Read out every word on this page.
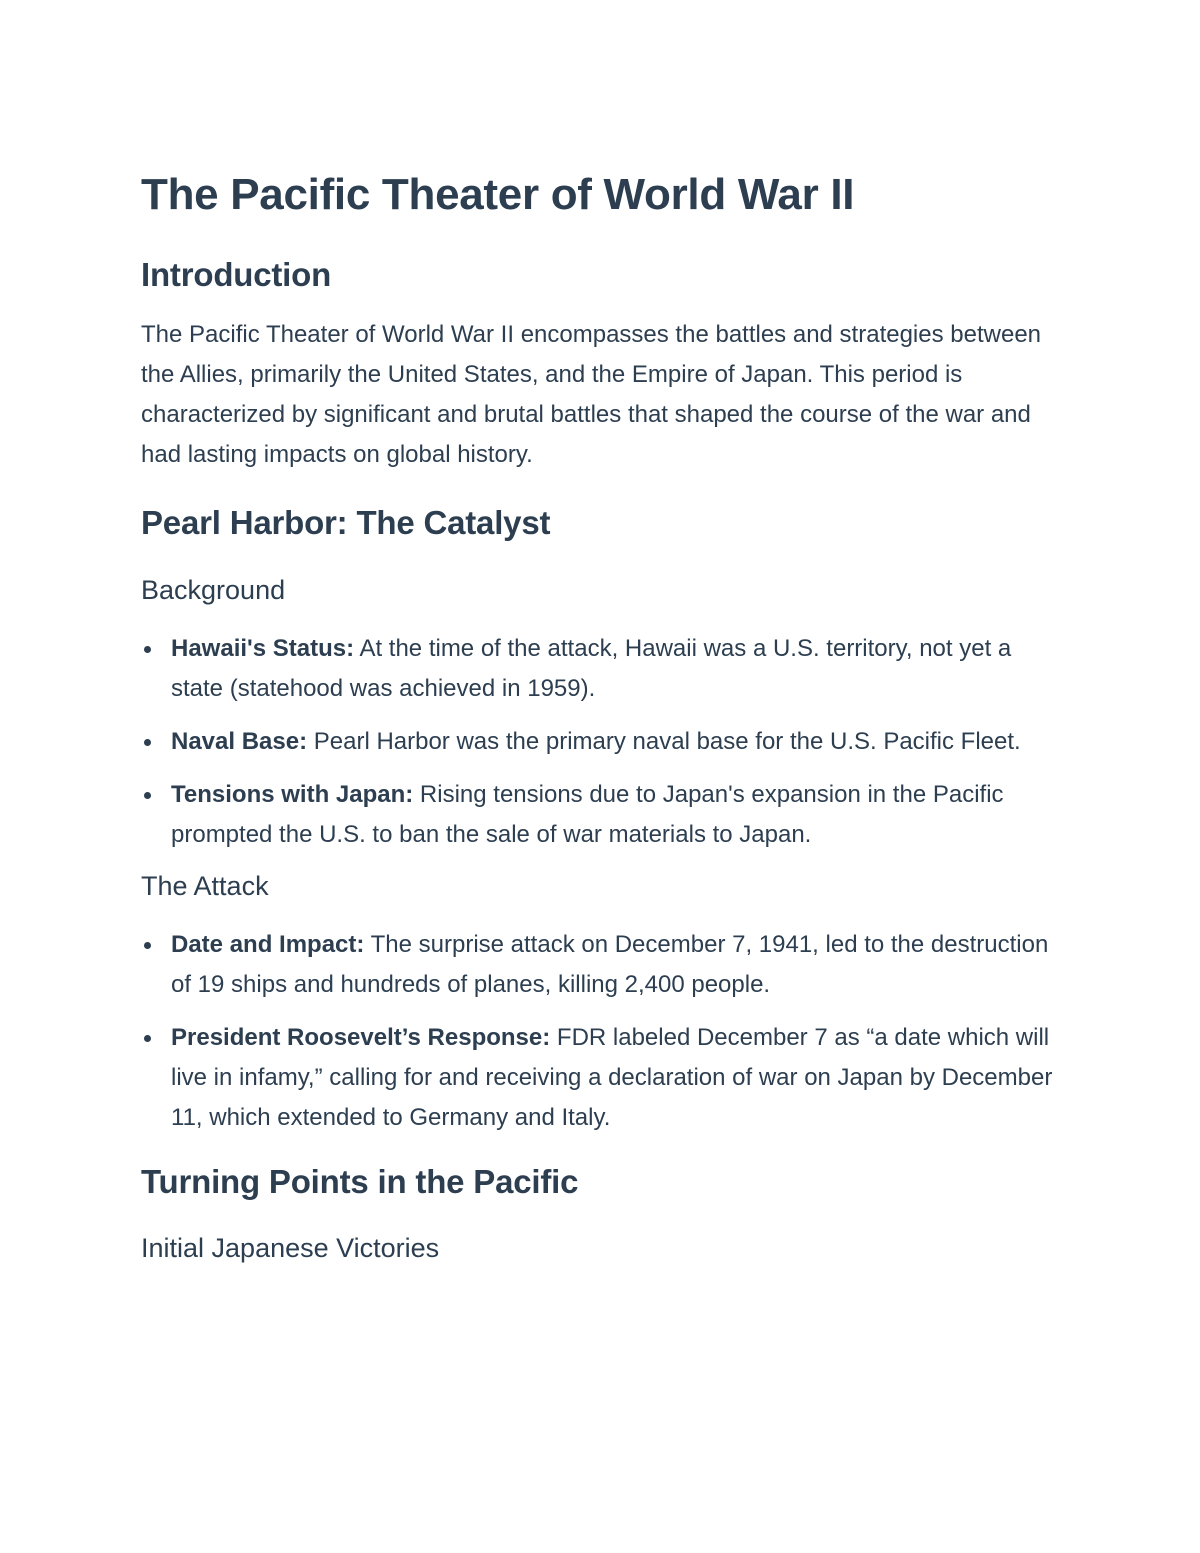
The Pacific Theater of World War II
Introduction

The Pacific Theater of World War II encompasses the battles and strategies between the Allies, primarily the United States, and the Empire of Japan. This period is characterized by significant and brutal battles that shaped the course of the war and had lasting impacts on global history.

Pearl Harbor: The Catalyst
Background
Hawaii's Status: At the time of the attack, Hawaii was a U.S. territory, not yet a state (statehood was achieved in 1959).
Naval Base: Pearl Harbor was the primary naval base for the U.S. Pacific Fleet.
Tensions with Japan: Rising tensions due to Japan's expansion in the Pacific prompted the U.S. to ban the sale of war materials to Japan.
The Attack
Date and Impact: The surprise attack on December 7, 1941, led to the destruction of 19 ships and hundreds of planes, killing 2,400 people.
President Roosevelt’s Response: FDR labeled December 7 as “a date which will live in infamy,” calling for and receiving a declaration of war on Japan by December 11, which extended to Germany and Italy.
Turning Points in the Pacific
Initial Japanese Victories
